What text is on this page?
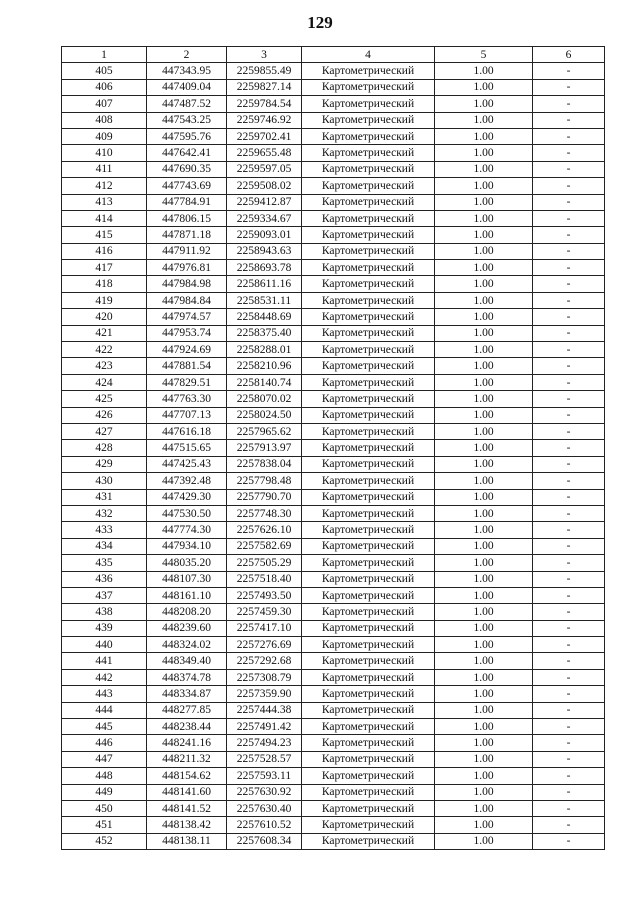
129
1	2	3	4	5	6
405	447343.95	2259855.49	Картометрический	1.00	-
406	447409.04	2259827.14	Картометрический	1.00	-
407	447487.52	2259784.54	Картометрический	1.00	-
408	447543.25	2259746.92	Картометрический	1.00	-
409	447595.76	2259702.41	Картометрический	1.00	-
410	447642.41	2259655.48	Картометрический	1.00	-
411	447690.35	2259597.05	Картометрический	1.00	-
412	447743.69	2259508.02	Картометрический	1.00	-
413	447784.91	2259412.87	Картометрический	1.00	-
414	447806.15	2259334.67	Картометрический	1.00	-
415	447871.18	2259093.01	Картометрический	1.00	-
416	447911.92	2258943.63	Картометрический	1.00	-
417	447976.81	2258693.78	Картометрический	1.00	-
418	447984.98	2258611.16	Картометрический	1.00	-
419	447984.84	2258531.11	Картометрический	1.00	-
420	447974.57	2258448.69	Картометрический	1.00	-
421	447953.74	2258375.40	Картометрический	1.00	-
422	447924.69	2258288.01	Картометрический	1.00	-
423	447881.54	2258210.96	Картометрический	1.00	-
424	447829.51	2258140.74	Картометрический	1.00	-
425	447763.30	2258070.02	Картометрический	1.00	-
426	447707.13	2258024.50	Картометрический	1.00	-
427	447616.18	2257965.62	Картометрический	1.00	-
428	447515.65	2257913.97	Картометрический	1.00	-
429	447425.43	2257838.04	Картометрический	1.00	-
430	447392.48	2257798.48	Картометрический	1.00	-
431	447429.30	2257790.70	Картометрический	1.00	-
432	447530.50	2257748.30	Картометрический	1.00	-
433	447774.30	2257626.10	Картометрический	1.00	-
434	447934.10	2257582.69	Картометрический	1.00	-
435	448035.20	2257505.29	Картометрический	1.00	-
436	448107.30	2257518.40	Картометрический	1.00	-
437	448161.10	2257493.50	Картометрический	1.00	-
438	448208.20	2257459.30	Картометрический	1.00	-
439	448239.60	2257417.10	Картометрический	1.00	-
440	448324.02	2257276.69	Картометрический	1.00	-
441	448349.40	2257292.68	Картометрический	1.00	-
442	448374.78	2257308.79	Картометрический	1.00	-
443	448334.87	2257359.90	Картометрический	1.00	-
444	448277.85	2257444.38	Картометрический	1.00	-
445	448238.44	2257491.42	Картометрический	1.00	-
446	448241.16	2257494.23	Картометрический	1.00	-
447	448211.32	2257528.57	Картометрический	1.00	-
448	448154.62	2257593.11	Картометрический	1.00	-
449	448141.60	2257630.92	Картометрический	1.00	-
450	448141.52	2257630.40	Картометрический	1.00	-
451	448138.42	2257610.52	Картометрический	1.00	-
452	448138.11	2257608.34	Картометрический	1.00	-
